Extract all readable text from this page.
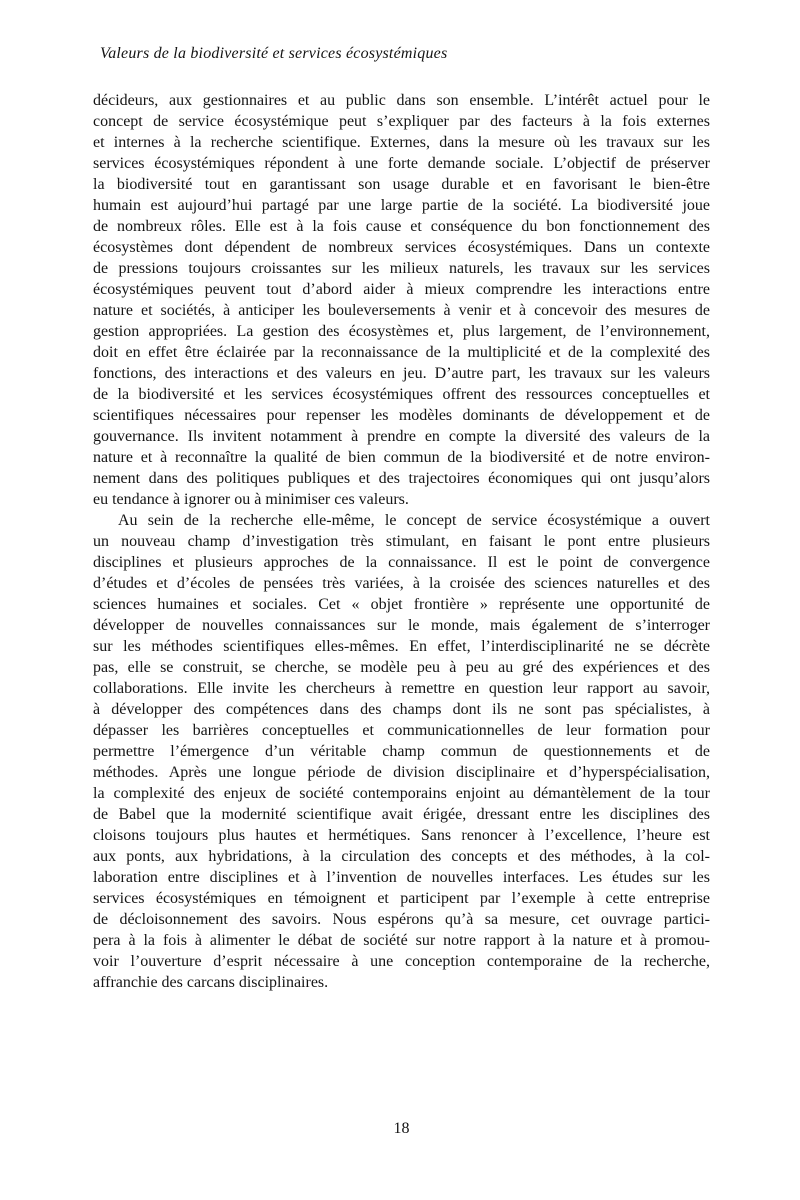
Valeurs de la biodiversité et services écosystémiques
décideurs, aux gestionnaires et au public dans son ensemble. L’intérêt actuel pour le
concept de service écosystémique peut s’expliquer par des facteurs à la fois externes
et internes à la recherche scientifique. Externes, dans la mesure où les travaux sur les
services écosystémiques répondent à une forte demande sociale. L’objectif de préserver
la biodiversité tout en garantissant son usage durable et en favorisant le bien-être
humain est aujourd’hui partagé par une large partie de la société. La biodiversité joue
de nombreux rôles. Elle est à la fois cause et conséquence du bon fonctionnement des
écosystèmes dont dépendent de nombreux services écosystémiques. Dans un contexte
de pressions toujours croissantes sur les milieux naturels, les travaux sur les services
écosystémiques peuvent tout d’abord aider à mieux comprendre les interactions entre
nature et sociétés, à anticiper les bouleversements à venir et à concevoir des mesures de
gestion appropriées. La gestion des écosystèmes et, plus largement, de l’environnement,
doit en effet être éclairée par la reconnaissance de la multiplicité et de la complexité des
fonctions, des interactions et des valeurs en jeu. D’autre part, les travaux sur les valeurs
de la biodiversité et les services écosystémiques offrent des ressources conceptuelles et
scientifiques nécessaires pour repenser les modèles dominants de développement et de
gouvernance. Ils invitent notamment à prendre en compte la diversité des valeurs de la
nature et à reconnaître la qualité de bien commun de la biodiversité et de notre environ-
nement dans des politiques publiques et des trajectoires économiques qui ont jusqu’alors
eu tendance à ignorer ou à minimiser ces valeurs.
Au sein de la recherche elle-même, le concept de service écosystémique a ouvert
un nouveau champ d’investigation très stimulant, en faisant le pont entre plusieurs
disciplines et plusieurs approches de la connaissance. Il est le point de convergence
d’études et d’écoles de pensées très variées, à la croisée des sciences naturelles et des
sciences humaines et sociales. Cet « objet frontière » représente une opportunité de
développer de nouvelles connaissances sur le monde, mais également de s’interroger
sur les méthodes scientifiques elles-mêmes. En effet, l’interdisciplinarité ne se décrète
pas, elle se construit, se cherche, se modèle peu à peu au gré des expériences et des
collaborations. Elle invite les chercheurs à remettre en question leur rapport au savoir,
à développer des compétences dans des champs dont ils ne sont pas spécialistes, à
dépasser les barrières conceptuelles et communicationnelles de leur formation pour
permettre l’émergence d’un véritable champ commun de questionnements et de
méthodes. Après une longue période de division disciplinaire et d’hyperspécialisation,
la complexité des enjeux de société contemporains enjoint au démantèlement de la tour
de Babel que la modernité scientifique avait érigée, dressant entre les disciplines des
cloisons toujours plus hautes et hermétiques. Sans renoncer à l’excellence, l’heure est
aux ponts, aux hybridations, à la circulation des concepts et des méthodes, à la col-
laboration entre disciplines et à l’invention de nouvelles interfaces. Les études sur les
services écosystémiques en témoignent et participent par l’exemple à cette entreprise
de décloisonnement des savoirs. Nous espérons qu’à sa mesure, cet ouvrage partici-
pera à la fois à alimenter le débat de société sur notre rapport à la nature et à promou-
voir l’ouverture d’esprit nécessaire à une conception contemporaine de la recherche,
affranchie des carcans disciplinaires.
18
